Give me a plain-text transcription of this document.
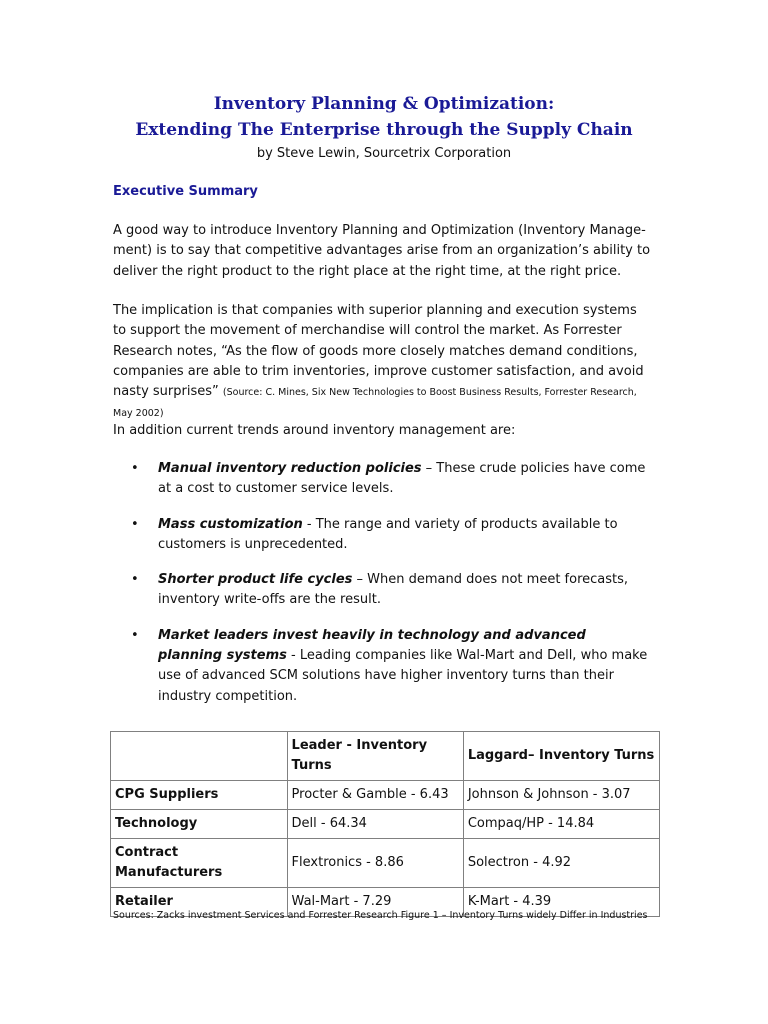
Inventory Planning & Optimization:
Extending The Enterprise through the Supply Chain
by Steve Lewin, Sourcetrix Corporation
Executive Summary
A good way to introduce Inventory Planning and Optimization (Inventory Manage-ment) is to say that competitive advantages arise from an organization’s ability to deliver the right product to the right place at the right time, at the right price.
The implication is that companies with superior planning and execution systems to support the movement of merchandise will control the market. As Forrester Research notes, “As the flow of goods more closely matches demand conditions, companies are able to trim inventories, improve customer satisfaction, and avoid nasty surprises” (Source: C. Mines, Six New Technologies to Boost Business Results, Forrester Research, May 2002)
In addition current trends around inventory management are:
• Manual inventory reduction policies – These crude policies have come at a cost to customer service levels.
• Mass customization - The range and variety of products available to customers is unprecedented.
• Shorter product life cycles – When demand does not meet forecasts, inventory write-offs are the result.
• Market leaders invest heavily in technology and advanced planning systems - Leading companies like Wal-Mart and Dell, who make use of advanced SCM solutions have higher inventory turns than their industry competition.
	Leader - Inventory Turns	Laggard– Inventory Turns
CPG Suppliers	Procter & Gamble - 6.43	Johnson & Johnson - 3.07
Technology	Dell - 64.34	Compaq/HP - 14.84
Contract Manufacturers	Flextronics - 8.86	Solectron - 4.92
Retailer	Wal-Mart - 7.29	K-Mart - 4.39
Sources: Zacks investment Services and Forrester Research Figure 1 – Inventory Turns widely Differ in Industries
